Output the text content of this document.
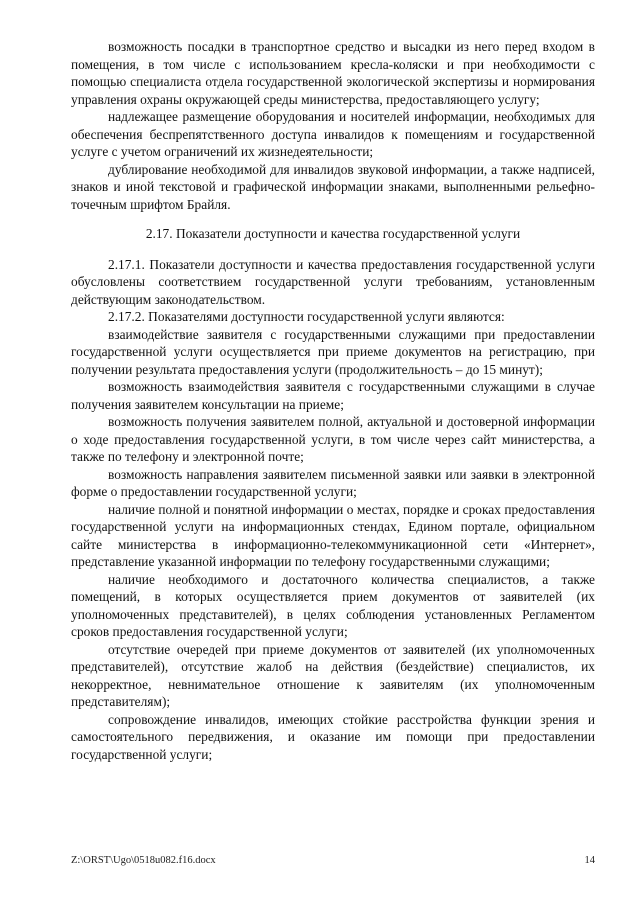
возможность посадки в транспортное средство и высадки из него перед входом в помещения, в том числе с использованием кресла-коляски и при необходимости с помощью специалиста отдела государственной экологической экспертизы и нормирования управления охраны окружающей среды министерства, предоставляющего услугу;

надлежащее размещение оборудования и носителей информации, необходимых для обеспечения беспрепятственного доступа инвалидов к помещениям и государственной услуге с учетом ограничений их жизнедеятельности;

дублирование необходимой для инвалидов звуковой информации, а также надписей, знаков и иной текстовой и графической информации знаками, выполненными рельефно-точечным шрифтом Брайля.

2.17. Показатели доступности и качества государственной услуги

2.17.1. Показатели доступности и качества предоставления государственной услуги обусловлены соответствием государственной услуги требованиям, установленным действующим законодательством.

2.17.2. Показателями доступности государственной услуги являются:

взаимодействие заявителя с государственными служащими при предоставлении государственной услуги осуществляется при приеме документов на регистрацию, при получении результата предоставления услуги (продолжительность – до 15 минут);

возможность взаимодействия заявителя с государственными служащими в случае получения заявителем консультации на приеме;

возможность получения заявителем полной, актуальной и достоверной информации о ходе предоставления государственной услуги, в том числе через сайт министерства, а также по телефону и электронной почте;

возможность направления заявителем письменной заявки или заявки в электронной форме о предоставлении государственной услуги;

наличие полной и понятной информации о местах, порядке и сроках предоставления государственной услуги на информационных стендах, Едином портале, официальном сайте министерства в информационно-телекоммуникационной сети «Интернет», представление указанной информации по телефону государственными служащими;

наличие необходимого и достаточного количества специалистов, а также помещений, в которых осуществляется прием документов от заявителей (их уполномоченных представителей), в целях соблюдения установленных Регламентом сроков предоставления государственной услуги;

отсутствие очередей при приеме документов от заявителей (их уполномоченных представителей), отсутствие жалоб на действия (бездействие) специалистов, их некорректное, невнимательное отношение к заявителям (их уполномоченным представителям);

сопровождение инвалидов, имеющих стойкие расстройства функции зрения и самостоятельного передвижения, и оказание им помощи при предоставлении государственной услуги;

Z:\ORST\Ugo\0518u082.f16.docx	14
